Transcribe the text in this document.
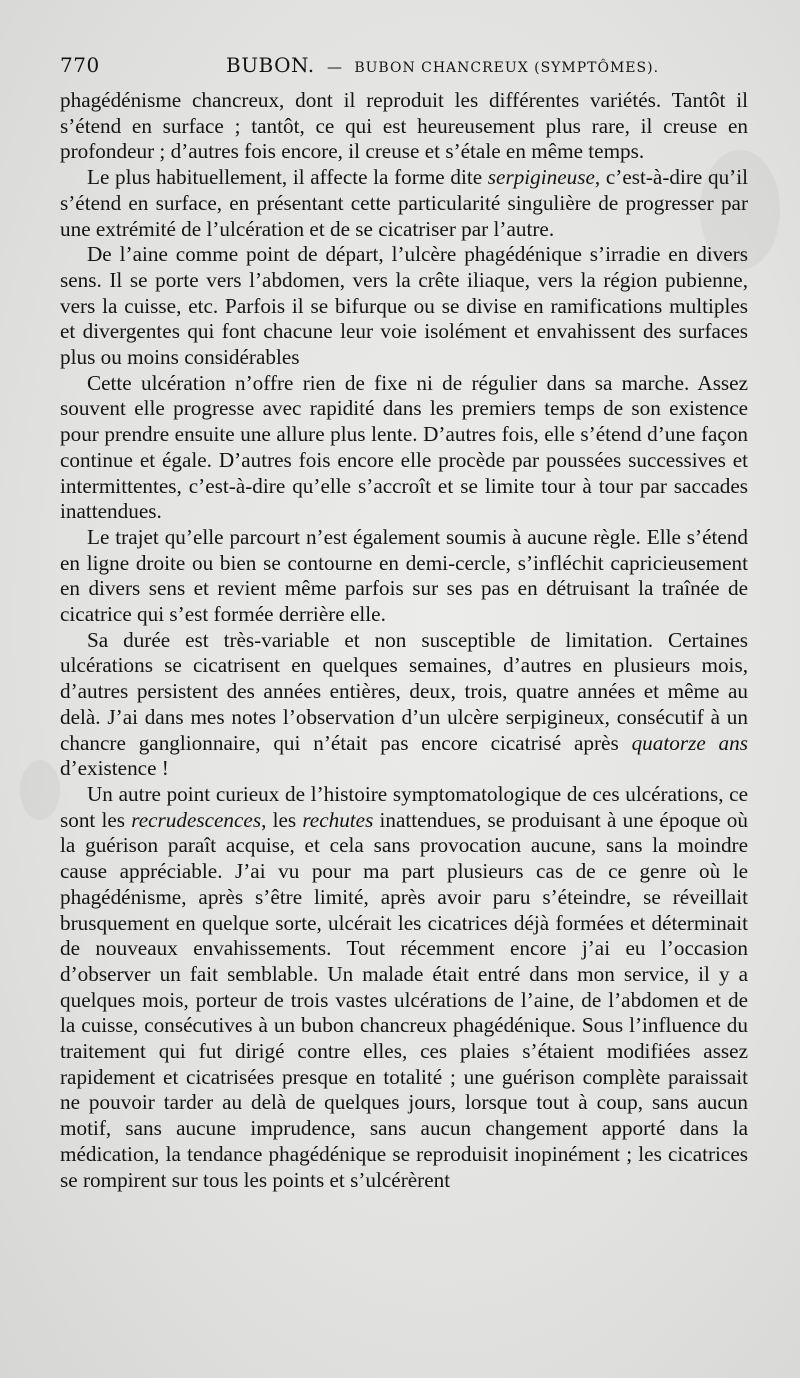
770	BUBON. — BUBON CHANCREUX (SYMPTÔMES).

phagédénisme chancreux, dont il reproduit les différentes variétés. Tantôt il s’étend en surface ; tantôt, ce qui est heureusement plus rare, il creuse en profondeur ; d’autres fois encore, il creuse et s’étale en même temps.

Le plus habituellement, il affecte la forme dite serpigineuse, c’est-à-dire qu’il s’étend en surface, en présentant cette particularité singulière de progresser par une extrémité de l’ulcération et de se cicatriser par l’autre.

De l’aine comme point de départ, l’ulcère phagédénique s’irradie en divers sens. Il se porte vers l’abdomen, vers la crête iliaque, vers la région pubienne, vers la cuisse, etc. Parfois il se bifurque ou se divise en ramifications multiples et divergentes qui font chacune leur voie isolément et envahissent des surfaces plus ou moins considérables

Cette ulcération n’offre rien de fixe ni de régulier dans sa marche. Assez souvent elle progresse avec rapidité dans les premiers temps de son existence pour prendre ensuite une allure plus lente. D’autres fois, elle s’étend d’une façon continue et égale. D’autres fois encore elle procède par poussées successives et intermittentes, c’est-à-dire qu’elle s’accroît et se limite tour à tour par saccades inattendues.

Le trajet qu’elle parcourt n’est également soumis à aucune règle. Elle s’étend en ligne droite ou bien se contourne en demi-cercle, s’infléchit capricieusement en divers sens et revient même parfois sur ses pas en détruisant la traînée de cicatrice qui s’est formée derrière elle.

Sa durée est très-variable et non susceptible de limitation. Certaines ulcérations se cicatrisent en quelques semaines, d’autres en plusieurs mois, d’autres persistent des années entières, deux, trois, quatre années et même au delà. J’ai dans mes notes l’observation d’un ulcère serpigineux, consécutif à un chancre ganglionnaire, qui n’était pas encore cicatrisé après quatorze ans d’existence !

Un autre point curieux de l’histoire symptomatologique de ces ulcérations, ce sont les recrudescences, les rechutes inattendues, se produisant à une époque où la guérison paraît acquise, et cela sans provocation aucune, sans la moindre cause appréciable. J’ai vu pour ma part plusieurs cas de ce genre où le phagédénisme, après s’être limité, après avoir paru s’éteindre, se réveillait brusquement en quelque sorte, ulcérait les cicatrices déjà formées et déterminait de nouveaux envahissements. Tout récemment encore j’ai eu l’occasion d’observer un fait semblable. Un malade était entré dans mon service, il y a quelques mois, porteur de trois vastes ulcérations de l’aine, de l’abdomen et de la cuisse, consécutives à un bubon chancreux phagédénique. Sous l’influence du traitement qui fut dirigé contre elles, ces plaies s’étaient modifiées assez rapidement et cicatrisées presque en totalité ; une guérison complète paraissait ne pouvoir tarder au delà de quelques jours, lorsque tout à coup, sans aucun motif, sans aucune imprudence, sans aucun changement apporté dans la médication, la tendance phagédénique se reproduisit inopinément ; les cicatrices se rompirent sur tous les points et s’ulcérèrent
